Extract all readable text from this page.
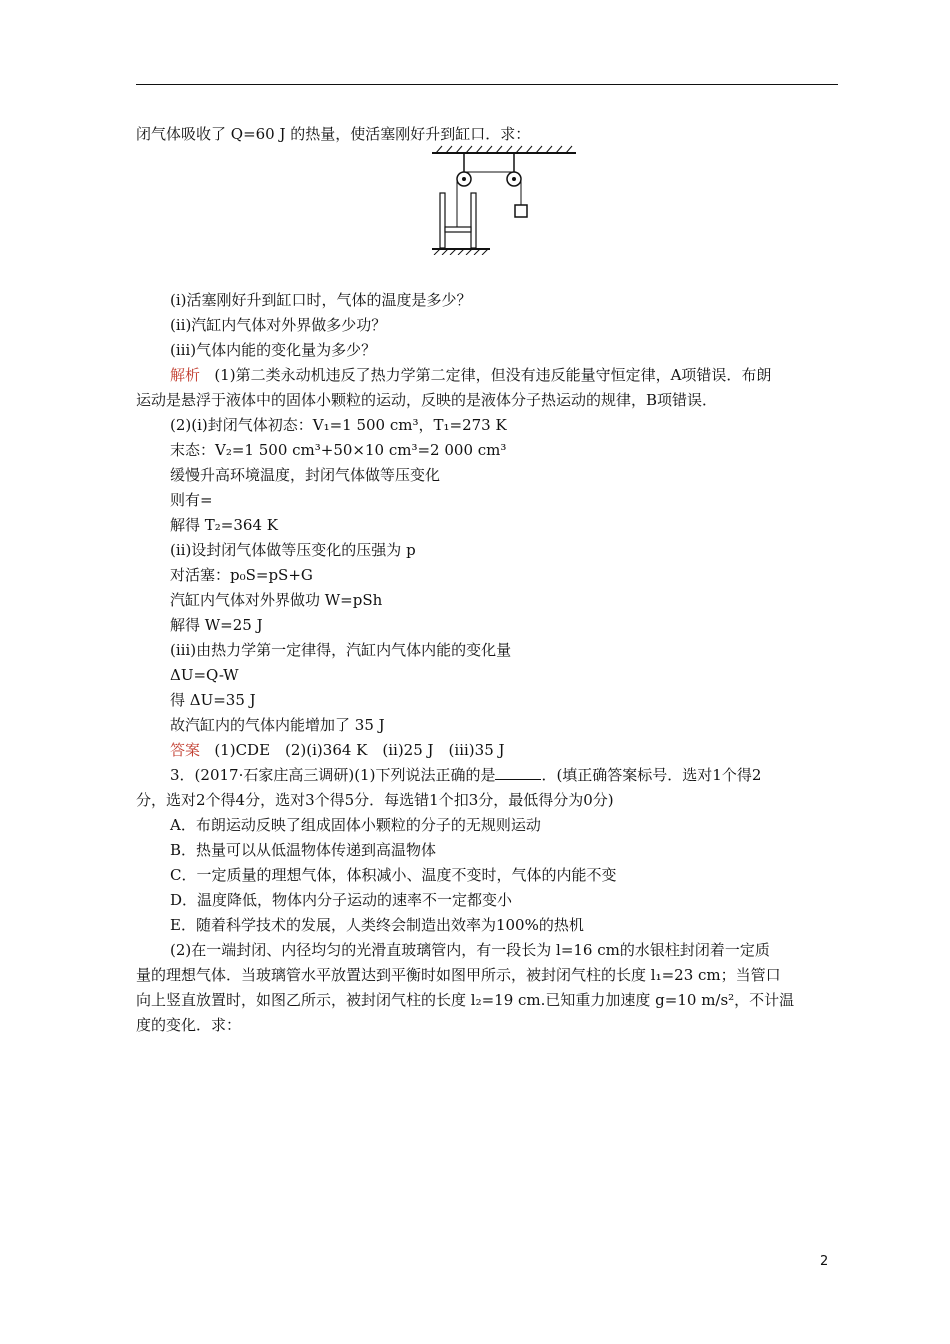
闭气体吸收了 Q=60 J 的热量，使活塞刚好升到缸口．求：
(ⅰ)活塞刚好升到缸口时，气体的温度是多少？
(ⅱ)汽缸内气体对外界做多少功？
(ⅲ)气体内能的变化量为多少？
解析 (1)第二类永动机违反了热力学第二定律，但没有违反能量守恒定律，A项错误．布朗
运动是悬浮于液体中的固体小颗粒的运动，反映的是液体分子热运动的规律，B项错误．
(2)(ⅰ)封闭气体初态：V₁=1 500 cm³，T₁=273 K
末态：V₂=1 500 cm³+50×10 cm³=2 000 cm³
缓慢升高环境温度，封闭气体做等压变化
则有=
解得 T₂=364 K
(ⅱ)设封闭气体做等压变化的压强为 p
对活塞：p₀S=pS+G
汽缸内气体对外界做功 W=pSh
解得 W=25 J
(ⅲ)由热力学第一定律得，汽缸内气体内能的变化量
ΔU=Q-W
得 ΔU=35 J
故汽缸内的气体内能增加了 35 J
答案 (1)CDE　(2)(ⅰ)364 K　(ⅱ)25 J　(ⅲ)35 J
3．(2017·石家庄高三调研)(1)下列说法正确的是	．(填正确答案标号．选对1个得2
分，选对2个得4分，选对3个得5分．每选错1个扣3分，最低得分为0分)
A．布朗运动反映了组成固体小颗粒的分子的无规则运动
B．热量可以从低温物体传递到高温物体
C．一定质量的理想气体，体积减小、温度不变时，气体的内能不变
D．温度降低，物体内分子运动的速率不一定都变小
E．随着科学技术的发展，人类终会制造出效率为100%的热机
(2)在一端封闭、内径均匀的光滑直玻璃管内，有一段长为 l=16 cm的水银柱封闭着一定质
量的理想气体．当玻璃管水平放置达到平衡时如图甲所示，被封闭气柱的长度 l₁=23 cm；当管口
向上竖直放置时，如图乙所示，被封闭气柱的长度 l₂=19 cm.已知重力加速度 g=10 m/s²，不计温
度的变化．求：
2
